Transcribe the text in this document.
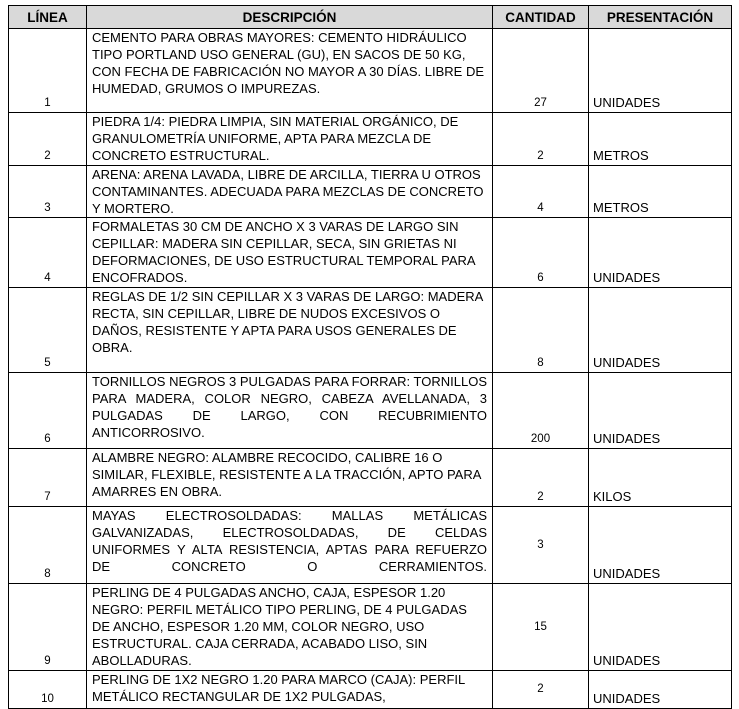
LÍNEA	DESCRIPCIÓN	CANTIDAD	PRESENTACIÓN
1	CEMENTO PARA OBRAS MAYORES: CEMENTO HIDRÁULICO TIPO PORTLAND USO GENERAL (GU), EN SACOS DE 50 KG, CON FECHA DE FABRICACIÓN NO MAYOR A 30 DÍAS. LIBRE DE HUMEDAD, GRUMOS O IMPUREZAS.	27	UNIDADES
2	PIEDRA 1/4: PIEDRA LIMPIA, SIN MATERIAL ORGÁNICO, DE GRANULOMETRÍA UNIFORME, APTA PARA MEZCLA DE CONCRETO ESTRUCTURAL.	2	METROS
3	ARENA: ARENA LAVADA, LIBRE DE ARCILLA, TIERRA U OTROS CONTAMINANTES. ADECUADA PARA MEZCLAS DE CONCRETO Y MORTERO.	4	METROS
4	FORMALETAS 30 CM DE ANCHO X 3 VARAS DE LARGO SIN CEPILLAR: MADERA SIN CEPILLAR, SECA, SIN GRIETAS NI DEFORMACIONES, DE USO ESTRUCTURAL TEMPORAL PARA ENCOFRADOS.	6	UNIDADES
5	REGLAS DE 1/2 SIN CEPILLAR X 3 VARAS DE LARGO: MADERA RECTA, SIN CEPILLAR, LIBRE DE NUDOS EXCESIVOS O DAÑOS, RESISTENTE Y APTA PARA USOS GENERALES DE OBRA.	8	UNIDADES
6	TORNILLOS NEGROS 3 PULGADAS PARA FORRAR: TORNILLOS PARA MADERA, COLOR NEGRO, CABEZA AVELLANADA, 3 PULGADAS DE LARGO, CON RECUBRIMIENTO ANTICORROSIVO.	200	UNIDADES
7	ALAMBRE NEGRO: ALAMBRE RECOCIDO, CALIBRE 16 O SIMILAR, FLEXIBLE, RESISTENTE A LA TRACCIÓN, APTO PARA AMARRES EN OBRA.	2	KILOS
8	MAYAS ELECTROSOLDADAS: MALLAS METÁLICAS GALVANIZADAS, ELECTROSOLDADAS, DE CELDAS UNIFORMES Y ALTA RESISTENCIA, APTAS PARA REFUERZO DE CONCRETO O CERRAMIENTOS.	3	UNIDADES
9	PERLING DE 4 PULGADAS ANCHO, CAJA, ESPESOR 1.20 NEGRO: PERFIL METÁLICO TIPO PERLING, DE 4 PULGADAS DE ANCHO, ESPESOR 1.20 MM, COLOR NEGRO, USO ESTRUCTURAL. CAJA CERRADA, ACABADO LISO, SIN ABOLLADURAS.	15	UNIDADES
10	PERLING DE 1X2 NEGRO 1.20 PARA MARCO (CAJA): PERFIL METÁLICO RECTANGULAR DE 1X2 PULGADAS,	2	UNIDADES
